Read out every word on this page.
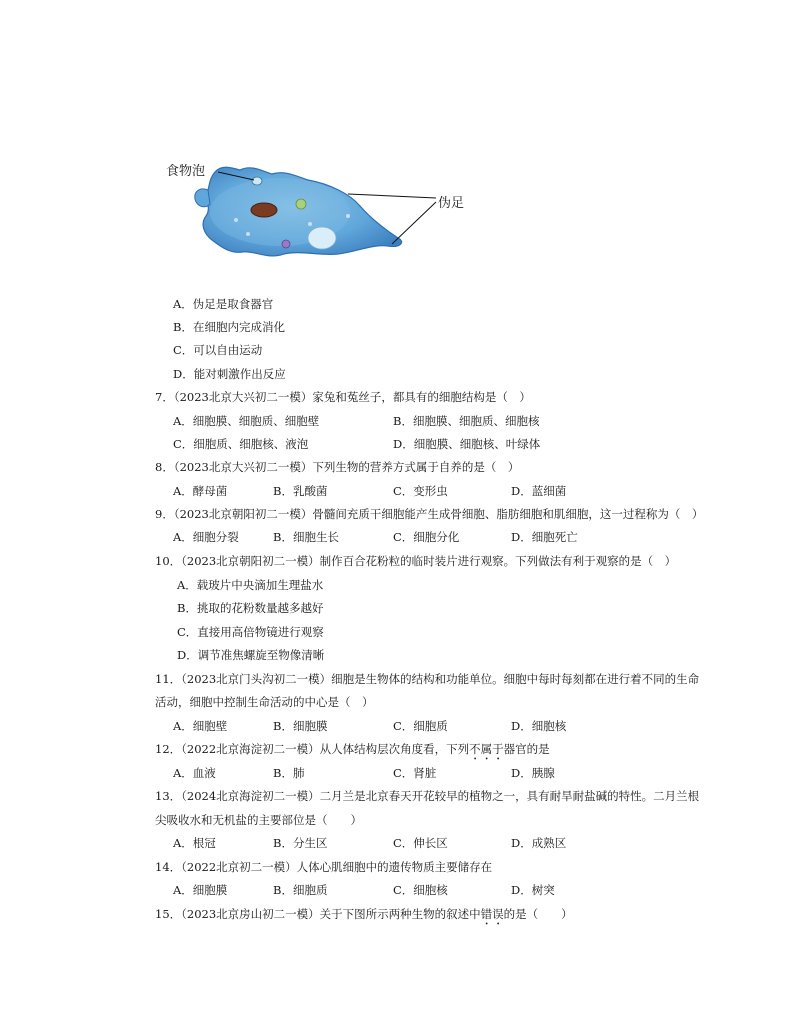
食物泡
伪足
A．伪足是取食器官
B．在细胞内完成消化
C．可以自由运动
D．能对刺激作出反应
7．（2023北京大兴初二一模）家兔和菟丝子，都具有的细胞结构是（　）
A．细胞膜、细胞质、细胞壁	B．细胞膜、细胞质、细胞核
C．细胞质、细胞核、液泡	D．细胞膜、细胞核、叶绿体
8．（2023北京大兴初二一模）下列生物的营养方式属于自养的是（　）
A．酵母菌	B．乳酸菌	C．变形虫	D．蓝细菌
9．（2023北京朝阳初二一模）骨髓间充质干细胞能产生成骨细胞、脂肪细胞和肌细胞，这一过程称为（　）
A．细胞分裂	B．细胞生长	C．细胞分化	D．细胞死亡
10．（2023北京朝阳初二一模）制作百合花粉粒的临时装片进行观察。下列做法有利于观察的是（　）
A．载玻片中央滴加生理盐水
B．挑取的花粉数量越多越好
C．直接用高倍物镜进行观察
D．调节准焦螺旋至物像清晰
11．（2023北京门头沟初二一模）细胞是生物体的结构和功能单位。细胞中每时每刻都在进行着不同的生命
活动，细胞中控制生命活动的中心是（　）
A．细胞壁	B．细胞膜	C．细胞质	D．细胞核
12．（2022北京海淀初二一模）从人体结构层次角度看，下列不属于器官的是
A．血液	B．肺	C．肾脏	D．胰腺
13．（2024北京海淀初二一模）二月兰是北京春天开花较早的植物之一，具有耐旱耐盐碱的特性。二月兰根
尖吸收水和无机盐的主要部位是（　　）
A．根冠	B．分生区	C．伸长区	D．成熟区
14．（2022北京初二一模）人体心肌细胞中的遗传物质主要储存在
A．细胞膜	B．细胞质	C．细胞核	D．树突
15．（2023北京房山初二一模）关于下图所示两种生物的叙述中错误的是（　　）
